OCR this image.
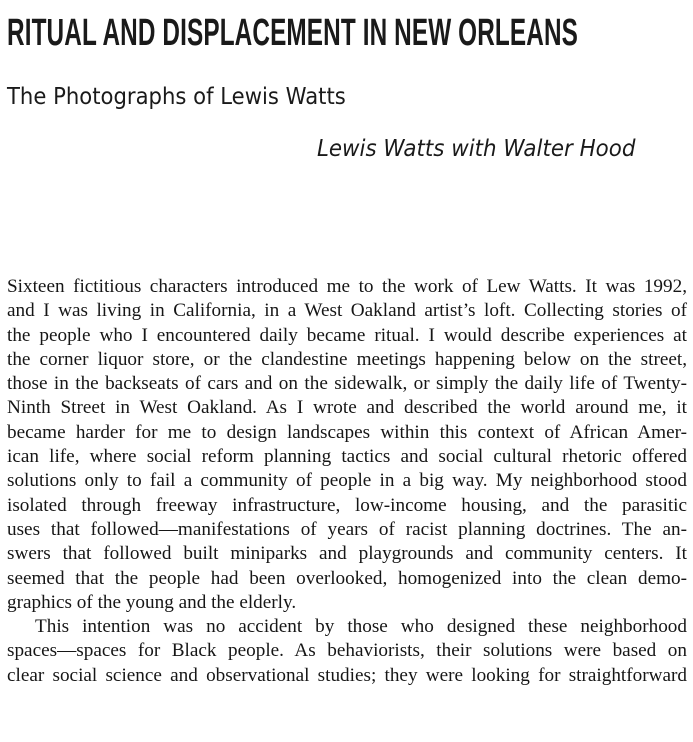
RITUAL AND DISPLACEMENT IN NEW ORLEANS
The Photographs of Lewis Watts

Lewis Watts with Walter Hood

Sixteen fictitious characters introduced me to the work of Lew Watts. It was 1992,
and I was living in California, in a West Oakland artist’s loft. Collecting stories of
the people who I encountered daily became ritual. I would describe experiences at
the corner liquor store, or the clandestine meetings happening below on the street,
those in the backseats of cars and on the sidewalk, or simply the daily life of Twenty-
Ninth Street in West Oakland. As I wrote and described the world around me, it
became harder for me to design landscapes within this context of African Amer-
ican life, where social reform planning tactics and social cultural rhetoric offered
solutions only to fail a community of people in a big way. My neighborhood stood
isolated through freeway infrastructure, low-income housing, and the parasitic
uses that followed—manifestations of years of racist planning doctrines. The an-
swers that followed built miniparks and playgrounds and community centers. It
seemed that the people had been overlooked, homogenized into the clean demo-
graphics of the young and the elderly.
This intention was no accident by those who designed these neighborhood
spaces—spaces for Black people. As behaviorists, their solutions were based on
clear social science and observational studies; they were looking for straightforward
